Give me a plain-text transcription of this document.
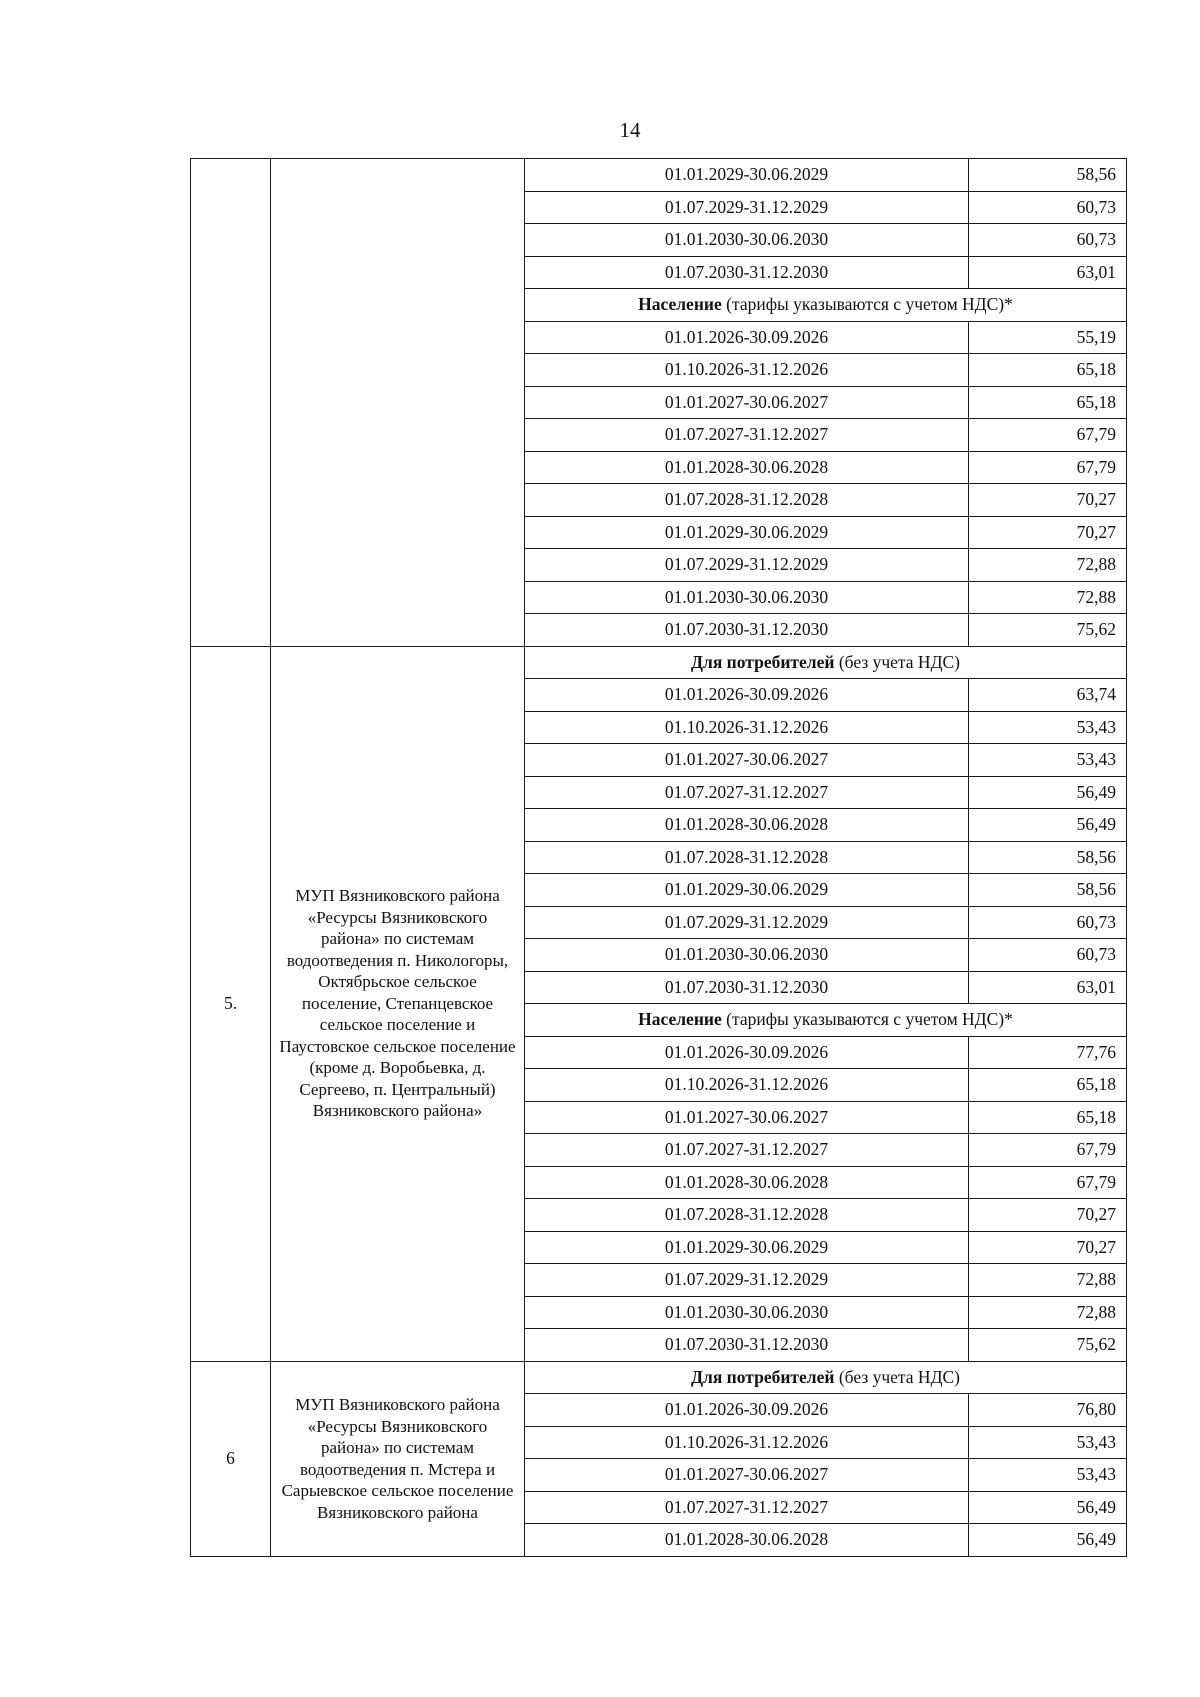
14
		01.01.2029-30.06.2029	58,56
		01.07.2029-31.12.2029	60,73
		01.01.2030-30.06.2030	60,73
		01.07.2030-31.12.2030	63,01
		Население (тарифы указываются с учетом НДС)*	
		01.01.2026-30.09.2026	55,19
		01.10.2026-31.12.2026	65,18
		01.01.2027-30.06.2027	65,18
		01.07.2027-31.12.2027	67,79
		01.01.2028-30.06.2028	67,79
		01.07.2028-31.12.2028	70,27
		01.01.2029-30.06.2029	70,27
		01.07.2029-31.12.2029	72,88
		01.01.2030-30.06.2030	72,88
		01.07.2030-31.12.2030	75,62
5.	МУП Вязниковского района «Ресурсы Вязниковского района» по системам водоотведения п. Никологоры, Октябрьское сельское поселение, Степанцевское сельское поселение и Паустовское сельское поселение (кроме д. Воробьевка, д. Сергеево, п. Центральный) Вязниковского района»	Для потребителей (без учета НДС)	
		01.01.2026-30.09.2026	63,74
		01.10.2026-31.12.2026	53,43
		01.01.2027-30.06.2027	53,43
		01.07.2027-31.12.2027	56,49
		01.01.2028-30.06.2028	56,49
		01.07.2028-31.12.2028	58,56
		01.01.2029-30.06.2029	58,56
		01.07.2029-31.12.2029	60,73
		01.01.2030-30.06.2030	60,73
		01.07.2030-31.12.2030	63,01
		Население (тарифы указываются с учетом НДС)*	
		01.01.2026-30.09.2026	77,76
		01.10.2026-31.12.2026	65,18
		01.01.2027-30.06.2027	65,18
		01.07.2027-31.12.2027	67,79
		01.01.2028-30.06.2028	67,79
		01.07.2028-31.12.2028	70,27
		01.01.2029-30.06.2029	70,27
		01.07.2029-31.12.2029	72,88
		01.01.2030-30.06.2030	72,88
		01.07.2030-31.12.2030	75,62
6	МУП Вязниковского района «Ресурсы Вязниковского района» по системам водоотведения п. Мстера и Сарыевское сельское поселение Вязниковского района	Для потребителей (без учета НДС)	
		01.01.2026-30.09.2026	76,80
		01.10.2026-31.12.2026	53,43
		01.01.2027-30.06.2027	53,43
		01.07.2027-31.12.2027	56,49
		01.01.2028-30.06.2028	56,49
